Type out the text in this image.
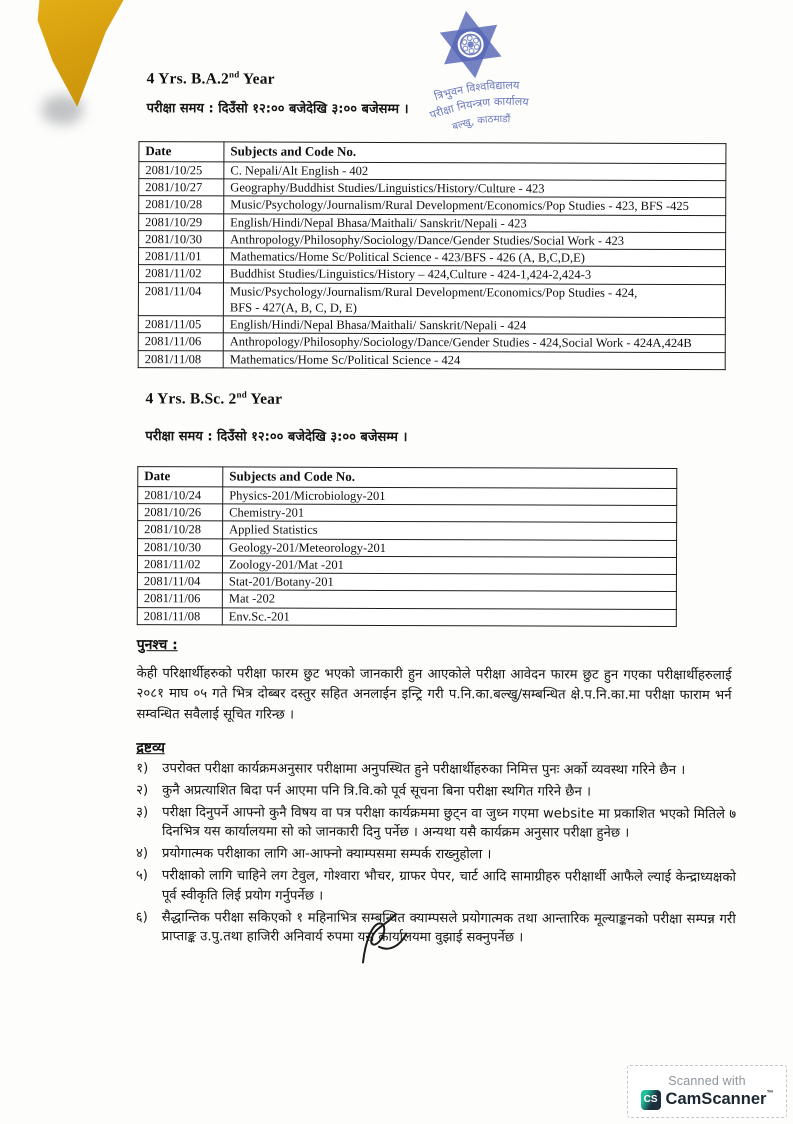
त्रिभुवन विश्वविद्यालय
परीक्षा नियन्त्रण कार्यालय
बल्खु, काठमाडौं
4 Yrs. B.A.2nd Year
परीक्षा समय : दिउँसो १२:०० बजेदेखि ३:०० बजेसम्म ।
Date	Subjects and Code No.
2081/10/25	C. Nepali/Alt English - 402
2081/10/27	Geography/Buddhist Studies/Linguistics/History/Culture - 423
2081/10/28	Music/Psychology/Journalism/Rural Development/Economics/Pop Studies - 423, BFS -425
2081/10/29	English/Hindi/Nepal Bhasa/Maithali/ Sanskrit/Nepali - 423
2081/10/30	Anthropology/Philosophy/Sociology/Dance/Gender Studies/Social Work - 423
2081/11/01	Mathematics/Home Sc/Political Science - 423/BFS - 426 (A, B,C,D,E)
2081/11/02	Buddhist Studies/Linguistics/History – 424,Culture - 424-1,424-2,424-3
2081/11/04	Music/Psychology/Journalism/Rural Development/Economics/Pop Studies - 424,
BFS - 427(A, B, C, D, E)
2081/11/05	English/Hindi/Nepal Bhasa/Maithali/ Sanskrit/Nepali - 424
2081/11/06	Anthropology/Philosophy/Sociology/Dance/Gender Studies - 424,Social Work - 424A,424B
2081/11/08	Mathematics/Home Sc/Political Science - 424
4 Yrs. B.Sc. 2nd Year
परीक्षा समय : दिउँसो १२:०० बजेदेखि ३:०० बजेसम्म ।
Date	Subjects and Code No.
2081/10/24	Physics-201/Microbiology-201
2081/10/26	Chemistry-201
2081/10/28	Applied Statistics
2081/10/30	Geology-201/Meteorology-201
2081/11/02	Zoology-201/Mat -201
2081/11/04	Stat-201/Botany-201
2081/11/06	Mat -202
2081/11/08	Env.Sc.-201
पुनश्च :
केही परिक्षार्थीहरुको परीक्षा फारम छुट भएको जानकारी हुन आएकोले परीक्षा आवेदन फारम छुट हुन गएका परीक्षार्थीहरुलाई २०८१ माघ ०५ गते भित्र दोब्बर दस्तुर सहित अनलाईन इन्ट्रि गरी प.नि.का.बल्खु/सम्बन्धित क्षे.प.नि.का.मा परीक्षा फाराम भर्न सम्वन्धित सवैलाई सूचित गरिन्छ ।
द्रष्टव्य
१)	उपरोक्त परीक्षा कार्यक्रमअनुसार परीक्षामा अनुपस्थित हुने परीक्षार्थीहरुका निमित्त पुनः अर्को व्यवस्था गरिने छैन ।
२)	कुनै अप्रत्याशित बिदा पर्न आएमा पनि त्रि.वि.को पूर्व सूचना बिना परीक्षा स्थगित गरिने छैन ।
३)	परीक्षा दिनुपर्ने आफ्नो कुनै विषय वा पत्र परीक्षा कार्यक्रममा छुट्न वा जुध्न गएमा website मा प्रकाशित भएको मितिले ७ दिनभित्र यस कार्यालयमा सो को जानकारी दिनु पर्नेछ । अन्यथा यसै कार्यक्रम अनुसार परीक्षा हुनेछ ।
४)	प्रयोगात्मक परीक्षाका लागि आ-आफ्नो क्याम्पसमा सम्पर्क राख्नुहोला ।
५)	परीक्षाको लागि चाहिने लग टेवुल, गोश्वारा भौचर, ग्राफर पेपर, चार्ट आदि सामाग्रीहरु परीक्षार्थी आफैले ल्याई केन्द्राध्यक्षको पूर्व स्वीकृति लिई प्रयोग गर्नुपर्नेछ ।
६)	सैद्धान्तिक परीक्षा सकिएको १ महिनाभित्र सम्बन्धित क्याम्पसले प्रयोगात्मक तथा आन्तारिक मूल्याङ्कनको परीक्षा सम्पन्न गरी प्राप्ताङ्क उ.पु.तथा हाजिरी अनिवार्य रुपमा यस कार्यालयमा वुझाई सक्नुपर्नेछ ।
Scanned with
CS CamScanner™
